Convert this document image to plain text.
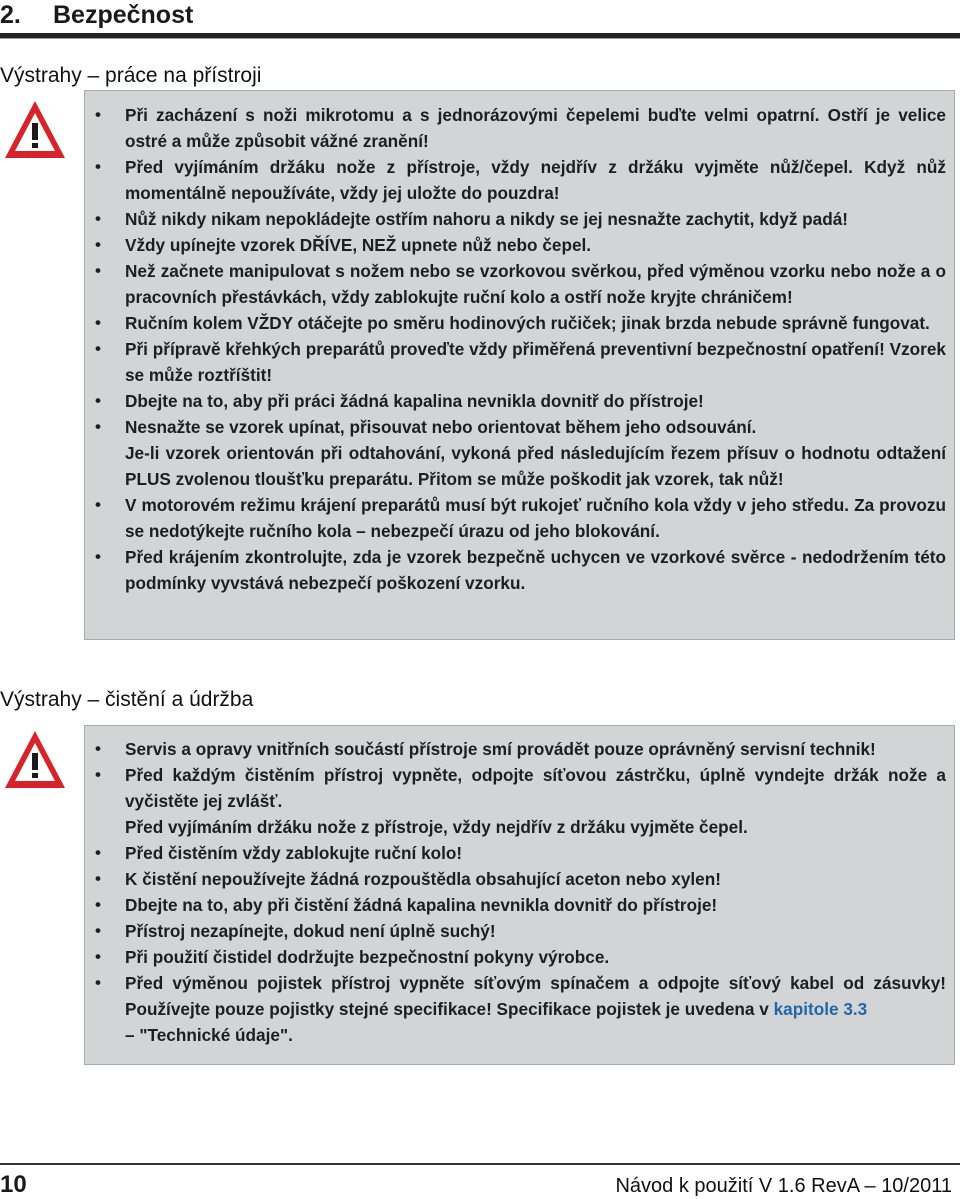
2. Bezpečnost
Výstrahy – práce na přístroji
• Při zacházení s noži mikrotomu a s jednorázovými čepelemi buďte velmi opatrní. Ostří je velice ostré a může způsobit vážné zranění!
• Před vyjímáním držáku nože z přístroje, vždy nejdřív z držáku vyjměte nůž/čepel. Když nůž momentálně nepoužíváte, vždy jej uložte do pouzdra!
• Nůž nikdy nikam nepokládejte ostřím nahoru a nikdy se jej nesnažte zachytit, když padá!
• Vždy upínejte vzorek DŘÍVE, NEŽ upnete nůž nebo čepel.
• Než začnete manipulovat s nožem nebo se vzorkovou svěrkou, před výměnou vzorku nebo nože a o pracovních přestávkách, vždy zablokujte ruční kolo a ostří nože kryjte chráničem!
• Ručním kolem VŽDY otáčejte po směru hodinových ručiček; jinak brzda nebude správně fungovat.
• Při přípravě křehkých preparátů proveďte vždy přiměřená preventivní bezpečnostní opatření! Vzorek se může roztříštit!
• Dbejte na to, aby při práci žádná kapalina nevnikla dovnitř do přístroje!
• Nesnažte se vzorek upínat, přisouvat nebo orientovat během jeho odsouvání.
Je-li vzorek orientován při odtahování, vykoná před následujícím řezem přísuv o hodnotu odtažení PLUS zvolenou tloušťku preparátu. Přitom se může poškodit jak vzorek, tak nůž!
• V motorovém režimu krájení preparátů musí být rukojeť ručního kola vždy v jeho středu. Za provozu se nedotýkejte ručního kola – nebezpečí úrazu od jeho blokování.
• Před krájením zkontrolujte, zda je vzorek bezpečně uchycen ve vzorkové svěrce - nedodržením této podmínky vyvstává nebezpečí poškození vzorku.
Výstrahy – čistění a údržba
• Servis a opravy vnitřních součástí přístroje smí provádět pouze oprávněný servisní technik!
• Před každým čistěním přístroj vypněte, odpojte síťovou zástrčku, úplně vyndejte držák nože a vyčistěte jej zvlášť.
Před vyjímáním držáku nože z přístroje, vždy nejdřív z držáku vyjměte čepel.
• Před čistěním vždy zablokujte ruční kolo!
• K čistění nepoužívejte žádná rozpouštědla obsahující aceton nebo xylen!
• Dbejte na to, aby při čistění žádná kapalina nevnikla dovnitř do přístroje!
• Přístroj nezapínejte, dokud není úplně suchý!
• Při použití čistidel dodržujte bezpečnostní pokyny výrobce.
• Před výměnou pojistek přístroj vypněte síťovým spínačem a odpojte síťový kabel od zásuvky! Používejte pouze pojistky stejné specifikace! Specifikace pojistek je uvedena v kapitole 3.3
– "Technické údaje".
10	Návod k použití V 1.6 RevA – 10/2011
